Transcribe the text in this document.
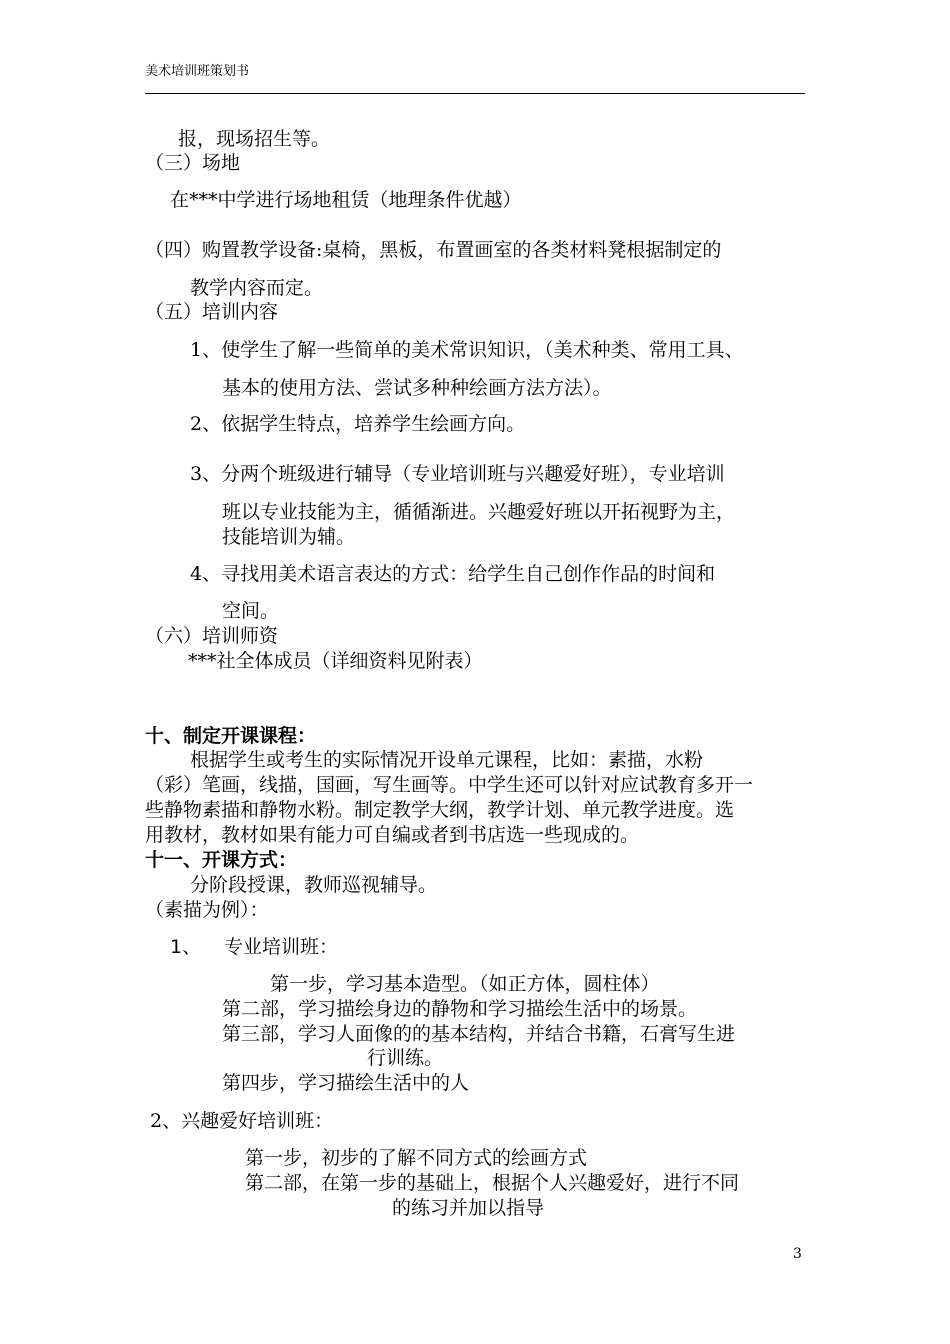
美术培训班策划书
报，现场招生等。
（三）场地
在***中学进行场地租赁（地理条件优越）
（四）购置教学设备:桌椅，黑板，布置画室的各类材料凳根据制定的
教学内容而定。
（五）培训内容
1、使学生了解一些简单的美术常识知识，（美术种类、常用工具、
基本的使用方法、尝试多种种绘画方法方法）。
2、依据学生特点，培养学生绘画方向。
3、分两个班级进行辅导（专业培训班与兴趣爱好班），专业培训
班以专业技能为主，循循渐进。兴趣爱好班以开拓视野为主，
技能培训为辅。
4、寻找用美术语言表达的方式：给学生自己创作作品的时间和
空间。
（六）培训师资
***社全体成员（详细资料见附表）
十、制定开课课程：
根据学生或考生的实际情况开设单元课程，比如：素描，水粉
（彩）笔画，线描，国画，写生画等。中学生还可以针对应试教育多开一
些静物素描和静物水粉。制定教学大纲，教学计划、单元教学进度。选
用教材，教材如果有能力可自编或者到书店选一些现成的。
十一、开课方式：
分阶段授课，教师巡视辅导。
（素描为例）：
1、 专业培训班：
第一步，学习基本造型。（如正方体，圆柱体）
第二部，学习描绘身边的静物和学习描绘生活中的场景。
第三部，学习人面像的的基本结构，并结合书籍，石膏写生进
行训练。
第四步，学习描绘生活中的人
2、兴趣爱好培训班：
第一步，初步的了解不同方式的绘画方式
第二部，在第一步的基础上，根据个人兴趣爱好，进行不同
的练习并加以指导
3
